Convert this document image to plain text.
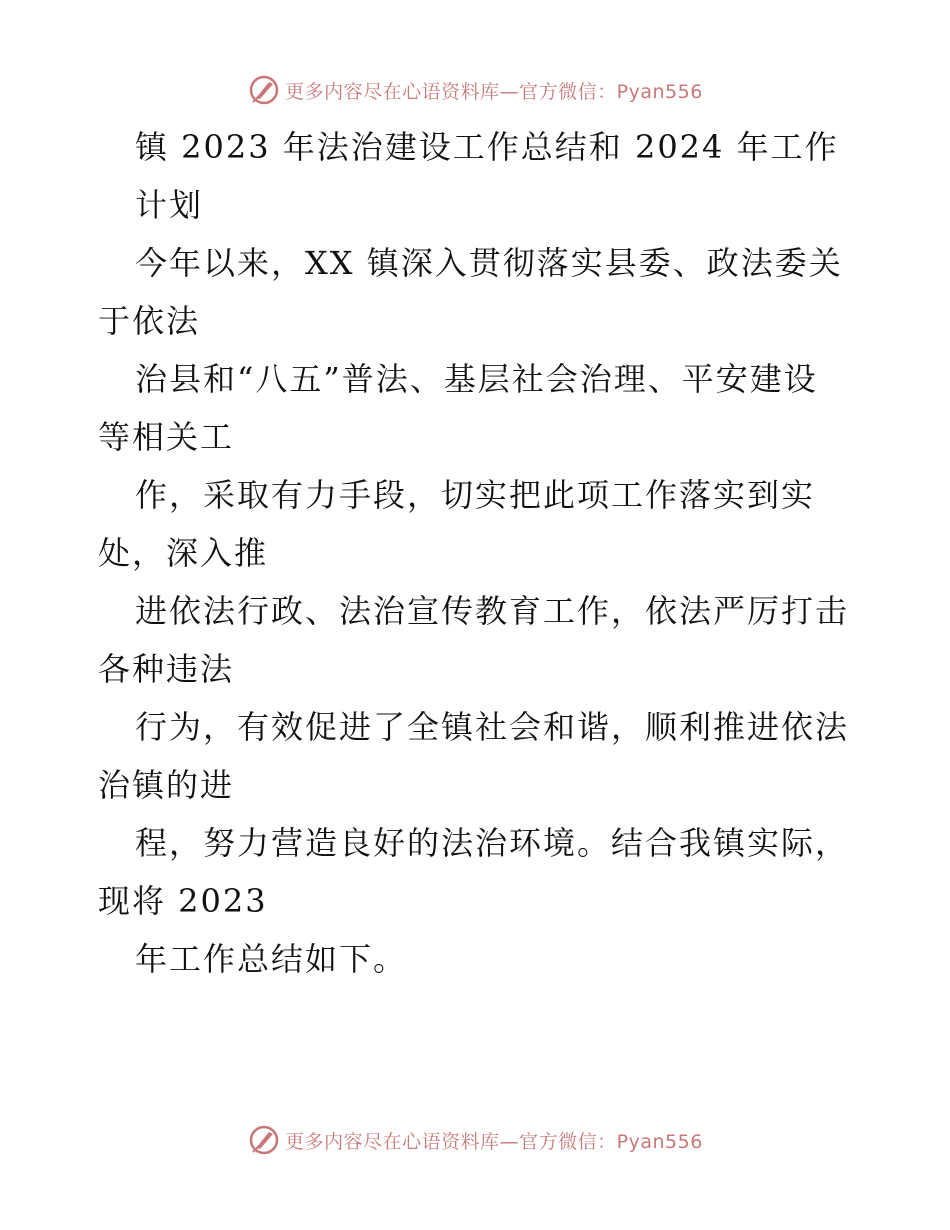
更多内容尽在心语资料库—官方微信：Pyan556
镇 2023 年法治建设工作总结和 2024 年工作
计划
今年以来，XX 镇深入贯彻落实县委、政法委关
于依法
治县和“八五”普法、基层社会治理、平安建设
等相关工
作，采取有力手段，切实把此项工作落实到实
处，深入推
进依法行政、法治宣传教育工作，依法严厉打击
各种违法
行为，有效促进了全镇社会和谐，顺利推进依法
治镇的进
程，努力营造良好的法治环境。结合我镇实际，
现将 2023
年工作总结如下。
更多内容尽在心语资料库—官方微信：Pyan556
